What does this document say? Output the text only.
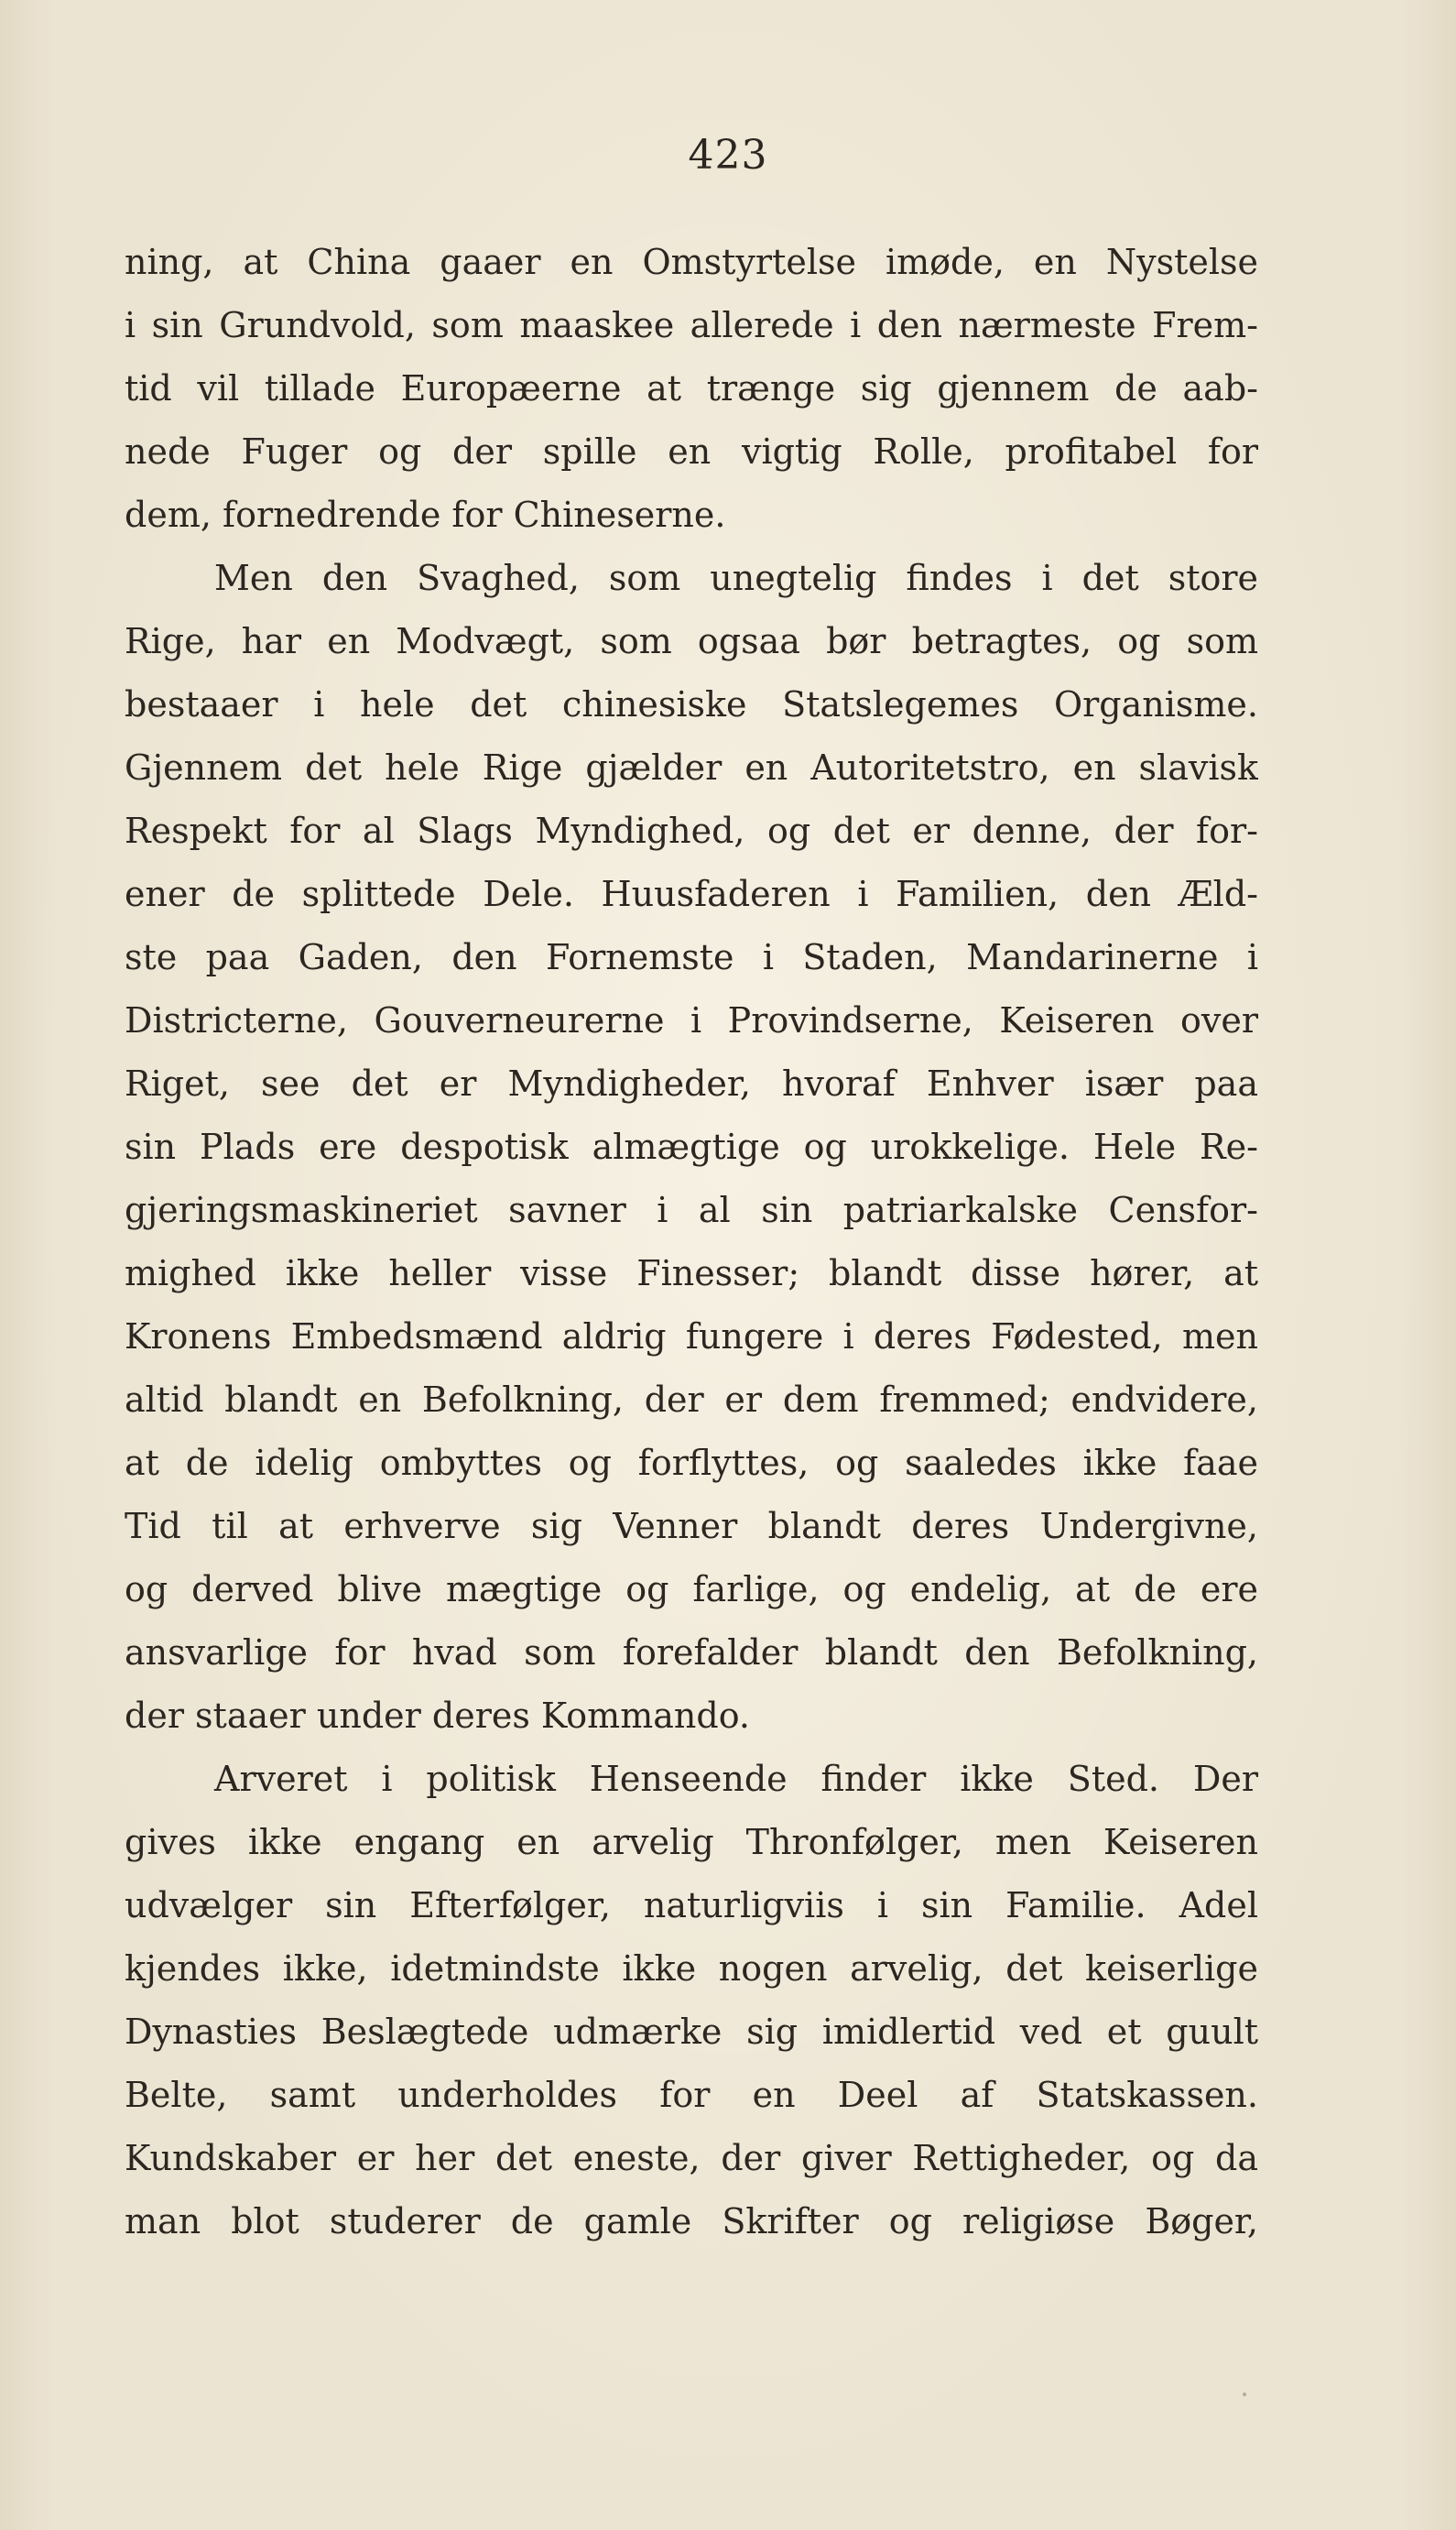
423
ning, at China gaaer en Omstyrtelse imøde, en Nystelse
i sin Grundvold, som maaskee allerede i den nærmeste Frem-
tid vil tillade Europæerne at trænge sig gjennem de aab-
nede Fuger og der spille en vigtig Rolle, profitabel for
dem, fornedrende for Chineserne.
Men den Svaghed, som unegtelig findes i det store
Rige, har en Modvægt, som ogsaa bør betragtes, og som
bestaaer i hele det chinesiske Statslegemes Organisme.
Gjennem det hele Rige gjælder en Autoritetstro, en slavisk
Respekt for al Slags Myndighed, og det er denne, der for-
ener de splittede Dele. Huusfaderen i Familien, den Æld-
ste paa Gaden, den Fornemste i Staden, Mandarinerne i
Districterne, Gouverneurerne i Provindserne, Keiseren over
Riget, see det er Myndigheder, hvoraf Enhver især paa
sin Plads ere despotisk almægtige og urokkelige. Hele Re-
gjeringsmaskineriet savner i al sin patriarkalske Censfor-
mighed ikke heller visse Finesser; blandt disse hører, at
Kronens Embedsmænd aldrig fungere i deres Fødested, men
altid blandt en Befolkning, der er dem fremmed; endvidere,
at de idelig ombyttes og forflyttes, og saaledes ikke faae
Tid til at erhverve sig Venner blandt deres Undergivne,
og derved blive mægtige og farlige, og endelig, at de ere
ansvarlige for hvad som forefalder blandt den Befolkning,
der staaer under deres Kommando.
Arveret i politisk Henseende finder ikke Sted. Der
gives ikke engang en arvelig Thronfølger, men Keiseren
udvælger sin Efterfølger, naturligviis i sin Familie. Adel
kjendes ikke, idetmindste ikke nogen arvelig, det keiserlige
Dynasties Beslægtede udmærke sig imidlertid ved et guult
Belte, samt underholdes for en Deel af Statskassen.
Kundskaber er her det eneste, der giver Rettigheder, og da
man blot studerer de gamle Skrifter og religiøse Bøger,
